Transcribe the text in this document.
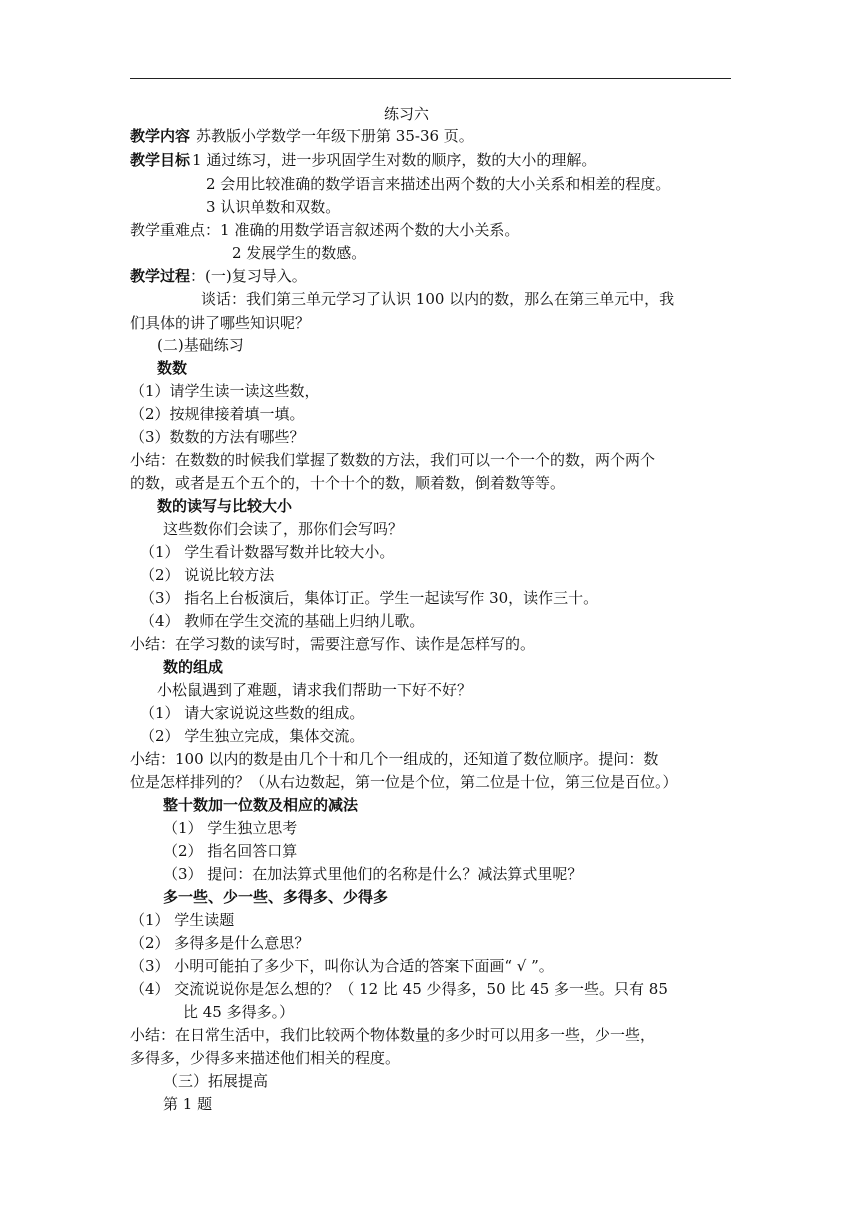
练习六
教学内容 苏教版小学数学一年级下册第 35-36 页。
教学目标 1 通过练习，进一步巩固学生对数的顺序，数的大小的理解。
2 会用比较准确的数学语言来描述出两个数的大小关系和相差的程度。
3 认识单数和双数。
教学重难点：1 准确的用数学语言叙述两个数的大小关系。
2 发展学生的数感。
教学过程：(一)复习导入。
谈话：我们第三单元学习了认识 100 以内的数，那么在第三单元中，我
们具体的讲了哪些知识呢？
(二)基础练习
数数
（1）请学生读一读这些数，
（2）按规律接着填一填。
（3）数数的方法有哪些？
小结：在数数的时候我们掌握了数数的方法，我们可以一个一个的数，两个两个
的数，或者是五个五个的，十个十个的数，顺着数，倒着数等等。
数的读写与比较大小
这些数你们会读了，那你们会写吗？
（1） 学生看计数器写数并比较大小。
（2） 说说比较方法
（3） 指名上台板演后，集体订正。学生一起读写作 30，读作三十。
（4） 教师在学生交流的基础上归纳儿歌。
小结：在学习数的读写时，需要注意写作、读作是怎样写的。
数的组成
小松鼠遇到了难题，请求我们帮助一下好不好？
（1） 请大家说说这些数的组成。
（2） 学生独立完成，集体交流。
小结：100 以内的数是由几个十和几个一组成的，还知道了数位顺序。提问：数
位是怎样排列的？（从右边数起，第一位是个位，第二位是十位，第三位是百位。）
整十数加一位数及相应的减法
（1） 学生独立思考
（2） 指名回答口算
（3） 提问：在加法算式里他们的名称是什么？减法算式里呢？
多一些、少一些、多得多、少得多
（1） 学生读题
（2） 多得多是什么意思？
（3） 小明可能拍了多少下，叫你认为合适的答案下面画“ √ ”。
（4） 交流说说你是怎么想的？（ 12 比 45 少得多，50 比 45 多一些。只有 85
比 45 多得多。）
小结：在日常生活中，我们比较两个物体数量的多少时可以用多一些，少一些，
多得多，少得多来描述他们相关的程度。
（三）拓展提高
第 1 题
